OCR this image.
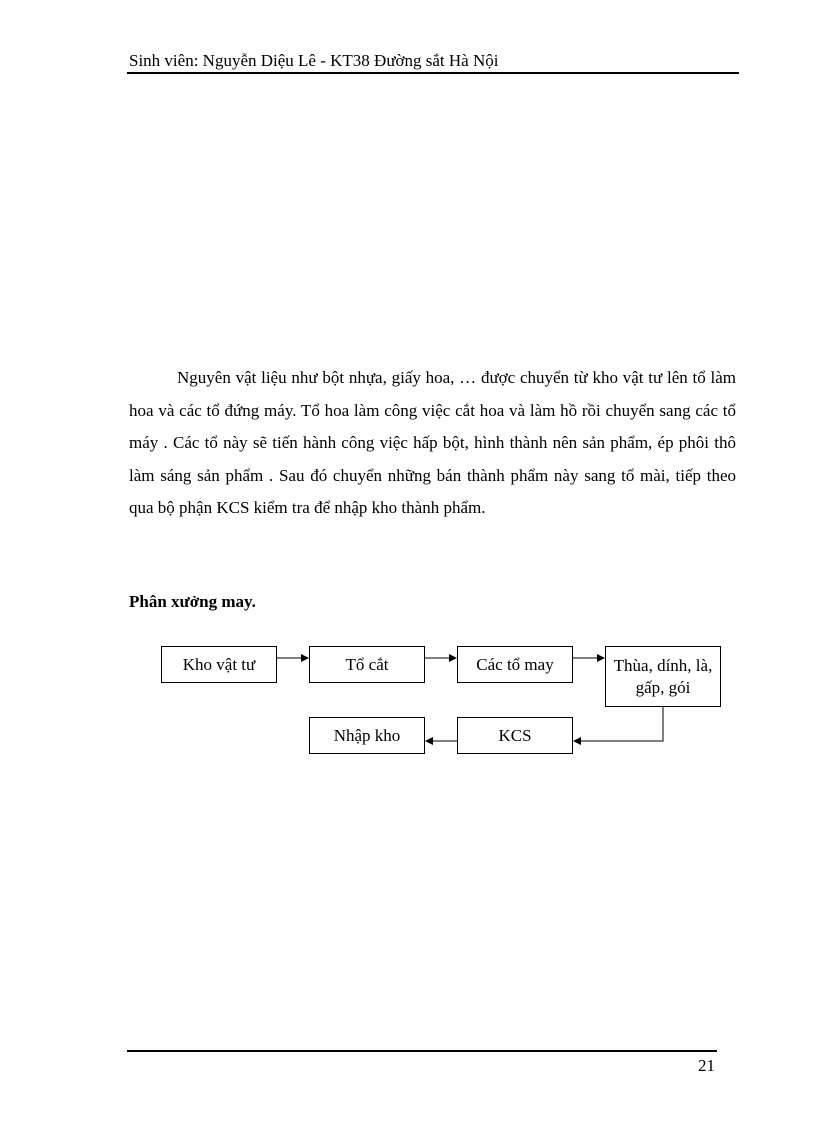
Sinh viên: Nguyễn Diệu Lê - KT38 Đường sắt Hà Nội

Nguyên vật liệu như bột nhựa, giấy hoa, … được chuyển từ kho vật tư lên tổ làm hoa và các tổ đứng máy. Tổ hoa làm công việc cắt hoa và làm hồ rồi chuyển sang các tổ máy . Các tổ này sẽ tiến hành công việc hấp bột, hình thành nên sản phẩm, ép phôi thô làm sáng sản phẩm . Sau đó chuyển những bán thành phẩm này sang tổ mài, tiếp theo qua bộ phận KCS kiểm tra để nhập kho thành phẩm.

Phân xưởng may.
Kho vật tư	Tổ cắt	Các tổ may	Thùa, dính, là, gấp, gói
KCS
Nhập kho
21
